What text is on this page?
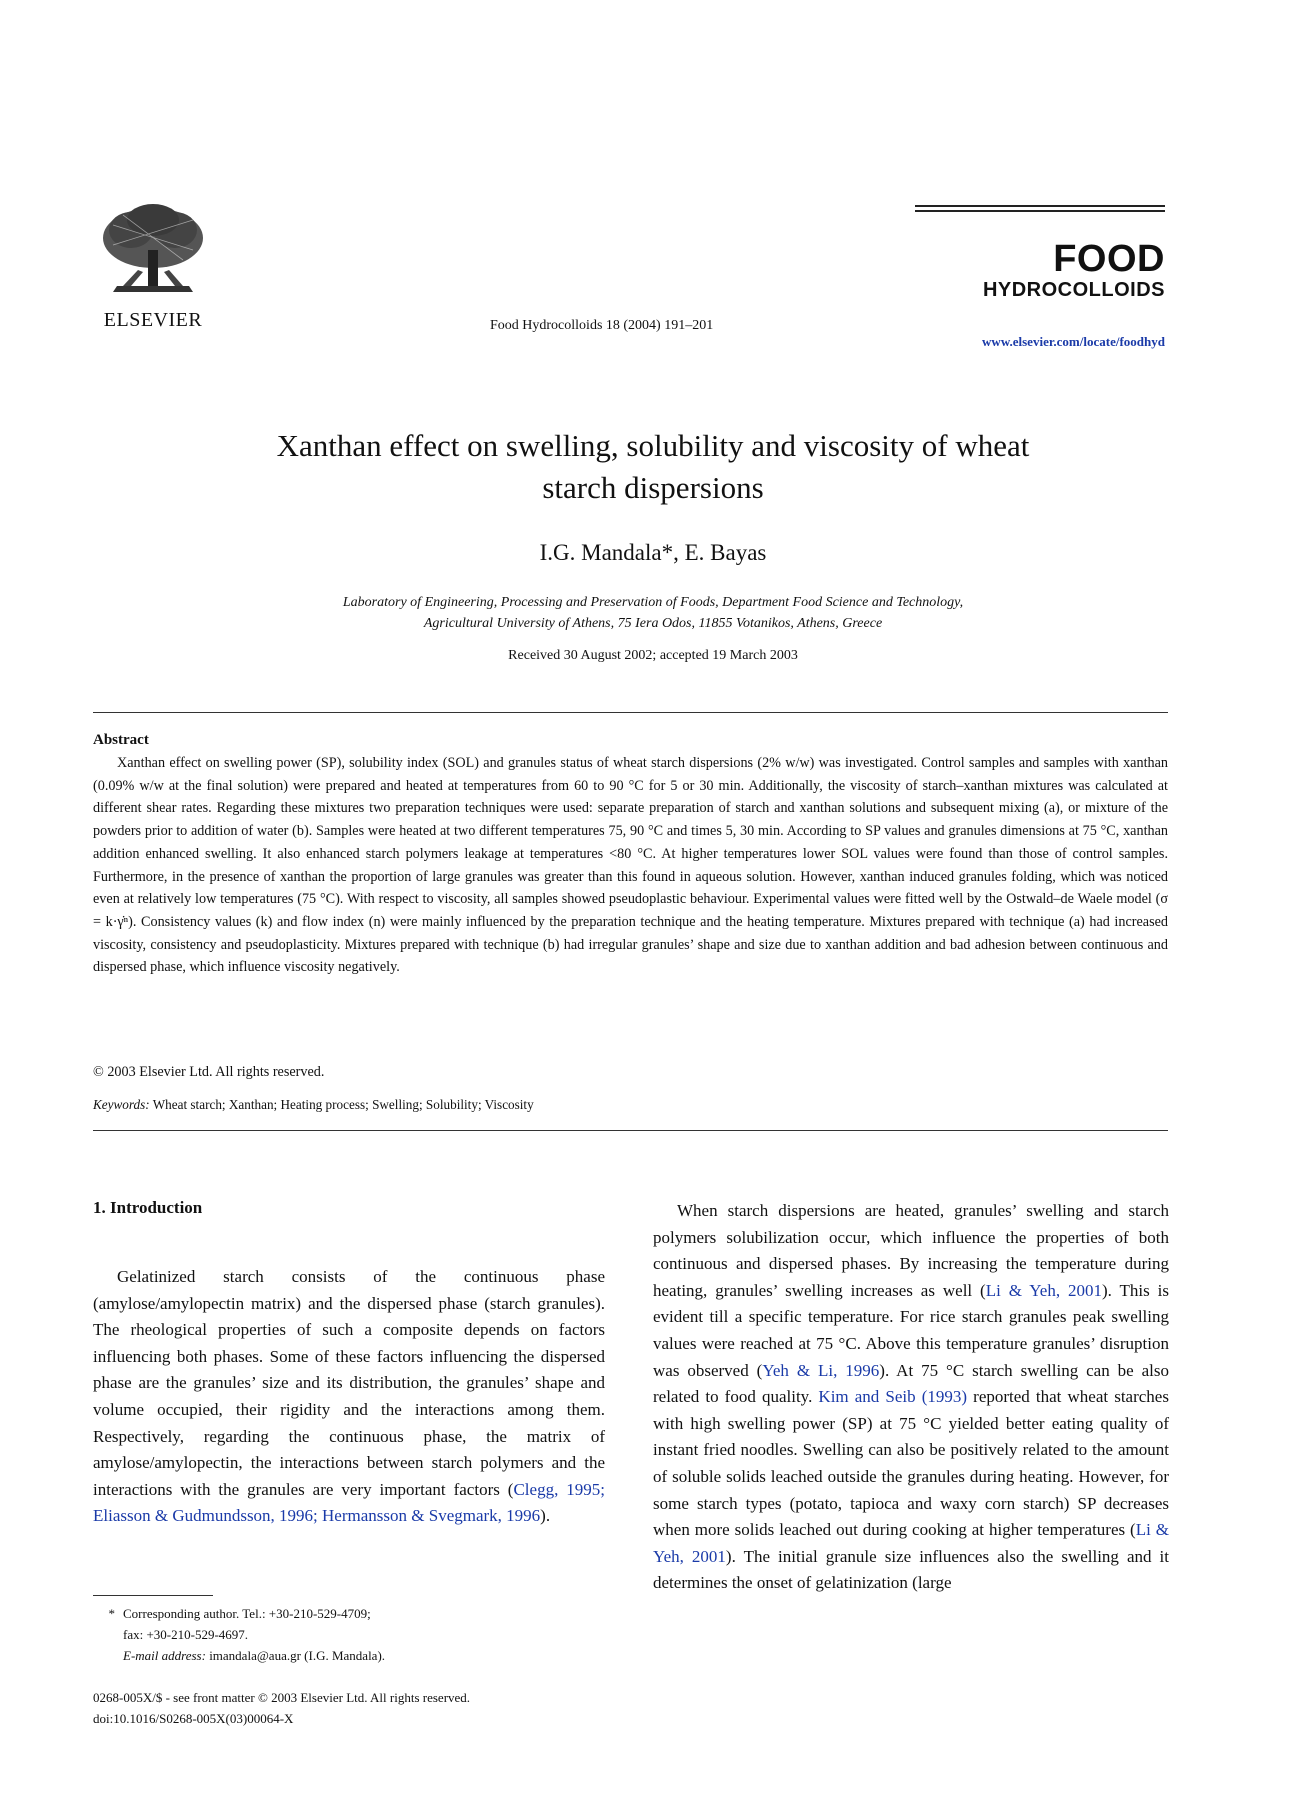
ELSEVIER	Food Hydrocolloids 18 (2004) 191–201
FOOD
HYDROCOLLOIDS
www.elsevier.com/locate/foodhyd
Xanthan effect on swelling, solubility and viscosity of wheat
starch dispersions
I.G. Mandala*, E. Bayas
Laboratory of Engineering, Processing and Preservation of Foods, Department Food Science and Technology,
Agricultural University of Athens, 75 Iera Odos, 11855 Votanikos, Athens, Greece
Received 30 August 2002; accepted 19 March 2003
Abstract

Xanthan effect on swelling power (SP), solubility index (SOL) and granules status of wheat starch dispersions (2% w/w) was investigated. Control samples and samples with xanthan (0.09% w/w at the final solution) were prepared and heated at temperatures from 60 to 90 °C for 5 or 30 min. Additionally, the viscosity of starch–xanthan mixtures was calculated at different shear rates. Regarding these mixtures two preparation techniques were used: separate preparation of starch and xanthan solutions and subsequent mixing (a), or mixture of the powders prior to addition of water (b). Samples were heated at two different temperatures 75, 90 °C and times 5, 30 min. According to SP values and granules dimensions at 75 °C, xanthan addition enhanced swelling. It also enhanced starch polymers leakage at temperatures <80 °C. At higher temperatures lower SOL values were found than those of control samples. Furthermore, in the presence of xanthan the proportion of large granules was greater than this found in aqueous solution. However, xanthan induced granules folding, which was noticed even at relatively low temperatures (75 °C). With respect to viscosity, all samples showed pseudoplastic behaviour. Experimental values were fitted well by the Ostwald–de Waele model (σ = k·γ̇ⁿ). Consistency values (k) and flow index (n) were mainly influenced by the preparation technique and the heating temperature. Mixtures prepared with technique (a) had increased viscosity, consistency and pseudoplasticity. Mixtures prepared with technique (b) had irregular granules’ shape and size due to xanthan addition and bad adhesion between continuous and dispersed phase, which influence viscosity negatively.

© 2003 Elsevier Ltd. All rights reserved.
Keywords: Wheat starch; Xanthan; Heating process; Swelling; Solubility; Viscosity
1. Introduction

Gelatinized starch consists of the continuous phase (amylose/amylopectin matrix) and the dispersed phase (starch granules). The rheological properties of such a composite depends on factors influencing both phases. Some of these factors influencing the dispersed phase are the granules’ size and its distribution, the granules’ shape and volume occupied, their rigidity and the interactions among them. Respectively, regarding the continuous phase, the matrix of amylose/amylopectin, the interactions between starch polymers and the interactions with the granules are very important factors (Clegg, 1995; Eliasson & Gudmundsson, 1996; Hermansson & Svegmark, 1996).

When starch dispersions are heated, granules’ swelling and starch polymers solubilization occur, which influence the properties of both continuous and dispersed phases. By increasing the temperature during heating, granules’ swelling increases as well (Li & Yeh, 2001). This is evident till a specific temperature. For rice starch granules peak swelling values were reached at 75 °C. Above this temperature granules’ disruption was observed (Yeh & Li, 1996). At 75 °C starch swelling can be also related to food quality. Kim and Seib (1993) reported that wheat starches with high swelling power (SP) at 75 °C yielded better eating quality of instant fried noodles. Swelling can also be positively related to the amount of soluble solids leached outside the granules during heating. However, for some starch types (potato, tapioca and waxy corn starch) SP decreases when more solids leached out during cooking at higher temperatures (Li & Yeh, 2001). The initial granule size influences also the swelling and it determines the onset of gelatinization (large

* Corresponding author. Tel.: +30-210-529-4709;
fax: +30-210-529-4697.
E-mail address: imandala@aua.gr (I.G. Mandala).
0268-005X/$ - see front matter © 2003 Elsevier Ltd. All rights reserved.
doi:10.1016/S0268-005X(03)00064-X
